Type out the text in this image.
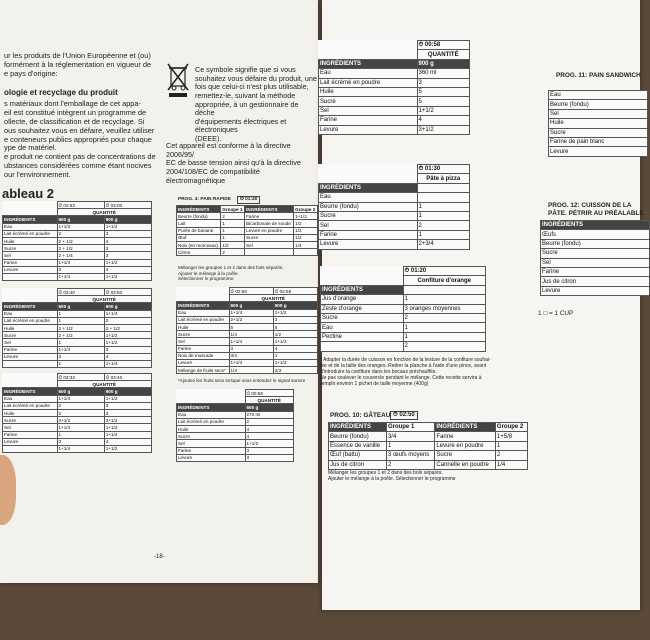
ur les produits de l'Union Européenne et (ou)
formément à la réglementation en vigueur de
e pays d'origine:
ologie et recyclage du produit
s matériaux dont l'emballage de cet appa-
eil est constitué intègrent un programme de
ollecte, de classification et de recyclage. Si
ous souhaitez vous en défaire, veuillez utiliser
e conteneurs publics appropriés pour chaque
ype de matériel.
e produit ne contient pas de concentrations de
ubstances considérées comme étant nocives
our l'environnement.
Ce symbole signifie que si vous
souhaitez vous défaire du produit, une
fois que celui-ci n'est plus utilisable,
remettez-le, suivant la méthode
appropriée, à un gestionnaire de déche
d'équipements électriques et électroniques
(DEEE).
Cet appareil est conforme à la directive 2006/95/
EC de basse tension ainsi qu'à la directive
2004/108/EC de compatibilité électromagnétique
ableau 2
	⏱ 02:53	⏱ 03:00
	QUANTITÉ	
INGRÉDIENTS	600 g	900 g
Eau	1+1/3	1+1/2
Lait écrémé en poudre	2	3
Huile	2 + 1/2	4
Sucre	2 + 1/2	3
Sel	2 + 1/4	3
Farine	1+1/4	1+1/2
Levure	3	4
	1+1/4	1+1/2
	⏱ 03:40	⏱ 03:50
	QUANTITÉ	
INGRÉDIENTS	600 g	900 g
Eau	1	1+1/4
Lait écrémé en poudre	1	2
Huile	2 + 1/2	2 + 1/2
Sucre	2 + 1/2	1+1/2
Sel	1	1+1/2
Farine	1+1/4	3
Levure	3	4
	1	1+1/4
	⏱ 03:32	⏱ 03:40
	QUANTITÉ	
INGRÉDIENTS	600 g	900 g
Eau	1+1/4	1+1/2
Lait écrémé en poudre	2	3
Huile	2	3
Sucre	2+1/2	3+1/2
Sel	1+1/4	1+1/2
Farine	1	1+1/4
Levure	3	4
	1+1/4	1+1/2
PROG. 4: PAIN RAPIDE	⏱ 01:40
INGRÉDIENTS	Groupe 1	INGRÉDIENTS	Groupe 2
Beurre (fondu)	2	Farine	1+1/2
Lait	1	Bicarbonate de soude	1/2
Purée de banane	1	Levure en poudre	1/2
Œuf	1	Sucre	1/2
Noix (en morceaux)	1/2	Sel	1/4
Citron	2		
Mélanger les groupes 1 et 2 dans des bols séparés.
Ajouter le mélange à la poêle.
Sélectionner le programme.
	⏱ 02:50	⏱ 02:55
	QUANTITÉ	
INGRÉDIENTS	600 g	900 g
Eau	1+1/4	1+1/2
Lait écrémé en poudre	2+1/2	3
Huile	5	5
Sucre	1/4	1/2
Sel	1+1/4	1+1/2
Farine	3	4
Noix de muscade	3/4	1
Levure	1+1/4	1+1/2
Mélange de fruits secs*	1/3	2/3
*Ajoutez les fruits secs lorsque vous entendez le signal sonore
	⏱ 00:58
	QUANTITÉ
INGRÉDIENTS	600 g
Eau	270 ml
Lait écrémé en poudre	2
Huile	4
Sucre	4
Sel	1+1/2
Farine	3
Levure	3
-18-
	⏱ 00:58
	QUANTITÉ
INGRÉDIENTS	900 g
Eau	360 ml
Lait écrémé en poudre	3
Huile	5
Sucre	5
Sel	1+1/2
Farine	4
Levure	3+1/2
	⏱ 01:30
	Pâte à pizza
INGRÉDIENTS	
Eau	
Beurre (fondu)	1
Sucre	1
Sel	2
Farine	1
Levure	2+3/4
	⏱ 01:20
	Confiture d'orange
INGRÉDIENTS	
Jus d'orange	1
Zeste d'orange	3 oranges moyennes
Sucre	2
Eau	1
Pectine	1
	2
* Adapter la durée de cuisson en fonction de la texture de la confiture souhai-
tée et de la taille des oranges. Retirer la planche à l'aide d'une pince, avant
d'introduire la confiture dans les bocaux préchauffés.
Ne pas soulever le couvercle pendant le mélange. Cette recette servira à
remplir environ 1 pichet de taille moyenne (400g)
PROG. 10: GÂTEAU ⏱ 02:50
INGRÉDIENTS	Groupe 1	INGRÉDIENTS	Groupe 2
Beurre (fondu)	3/4	Farine	1+5/8
Essence de vanille	1	Levure en poudre	1
Œuf (battu)	3 œufs moyens	Sucre	2
Jus de citron	2	Cannelle en poudre	1/4
Mélanger les groupes 1 et 2 dans des bols séparés.
Ajouter le mélange à la poêle. Sélectionner le programme
PROG. 11: PAIN SANDWICH
Eau
Beurre (fondu)
Sel
Huile
Sucre
Farine de pain blanc
Levure
PROG. 12: CUISSON DE LA
PÂTE. PÉTRIR AU PRÉALABLE
INGRÉDIENTS
Œufs
Beurre (fondu)
Sucre
Sel
Farine
Jus de citron
Levure
1 □ = 1 CUP
